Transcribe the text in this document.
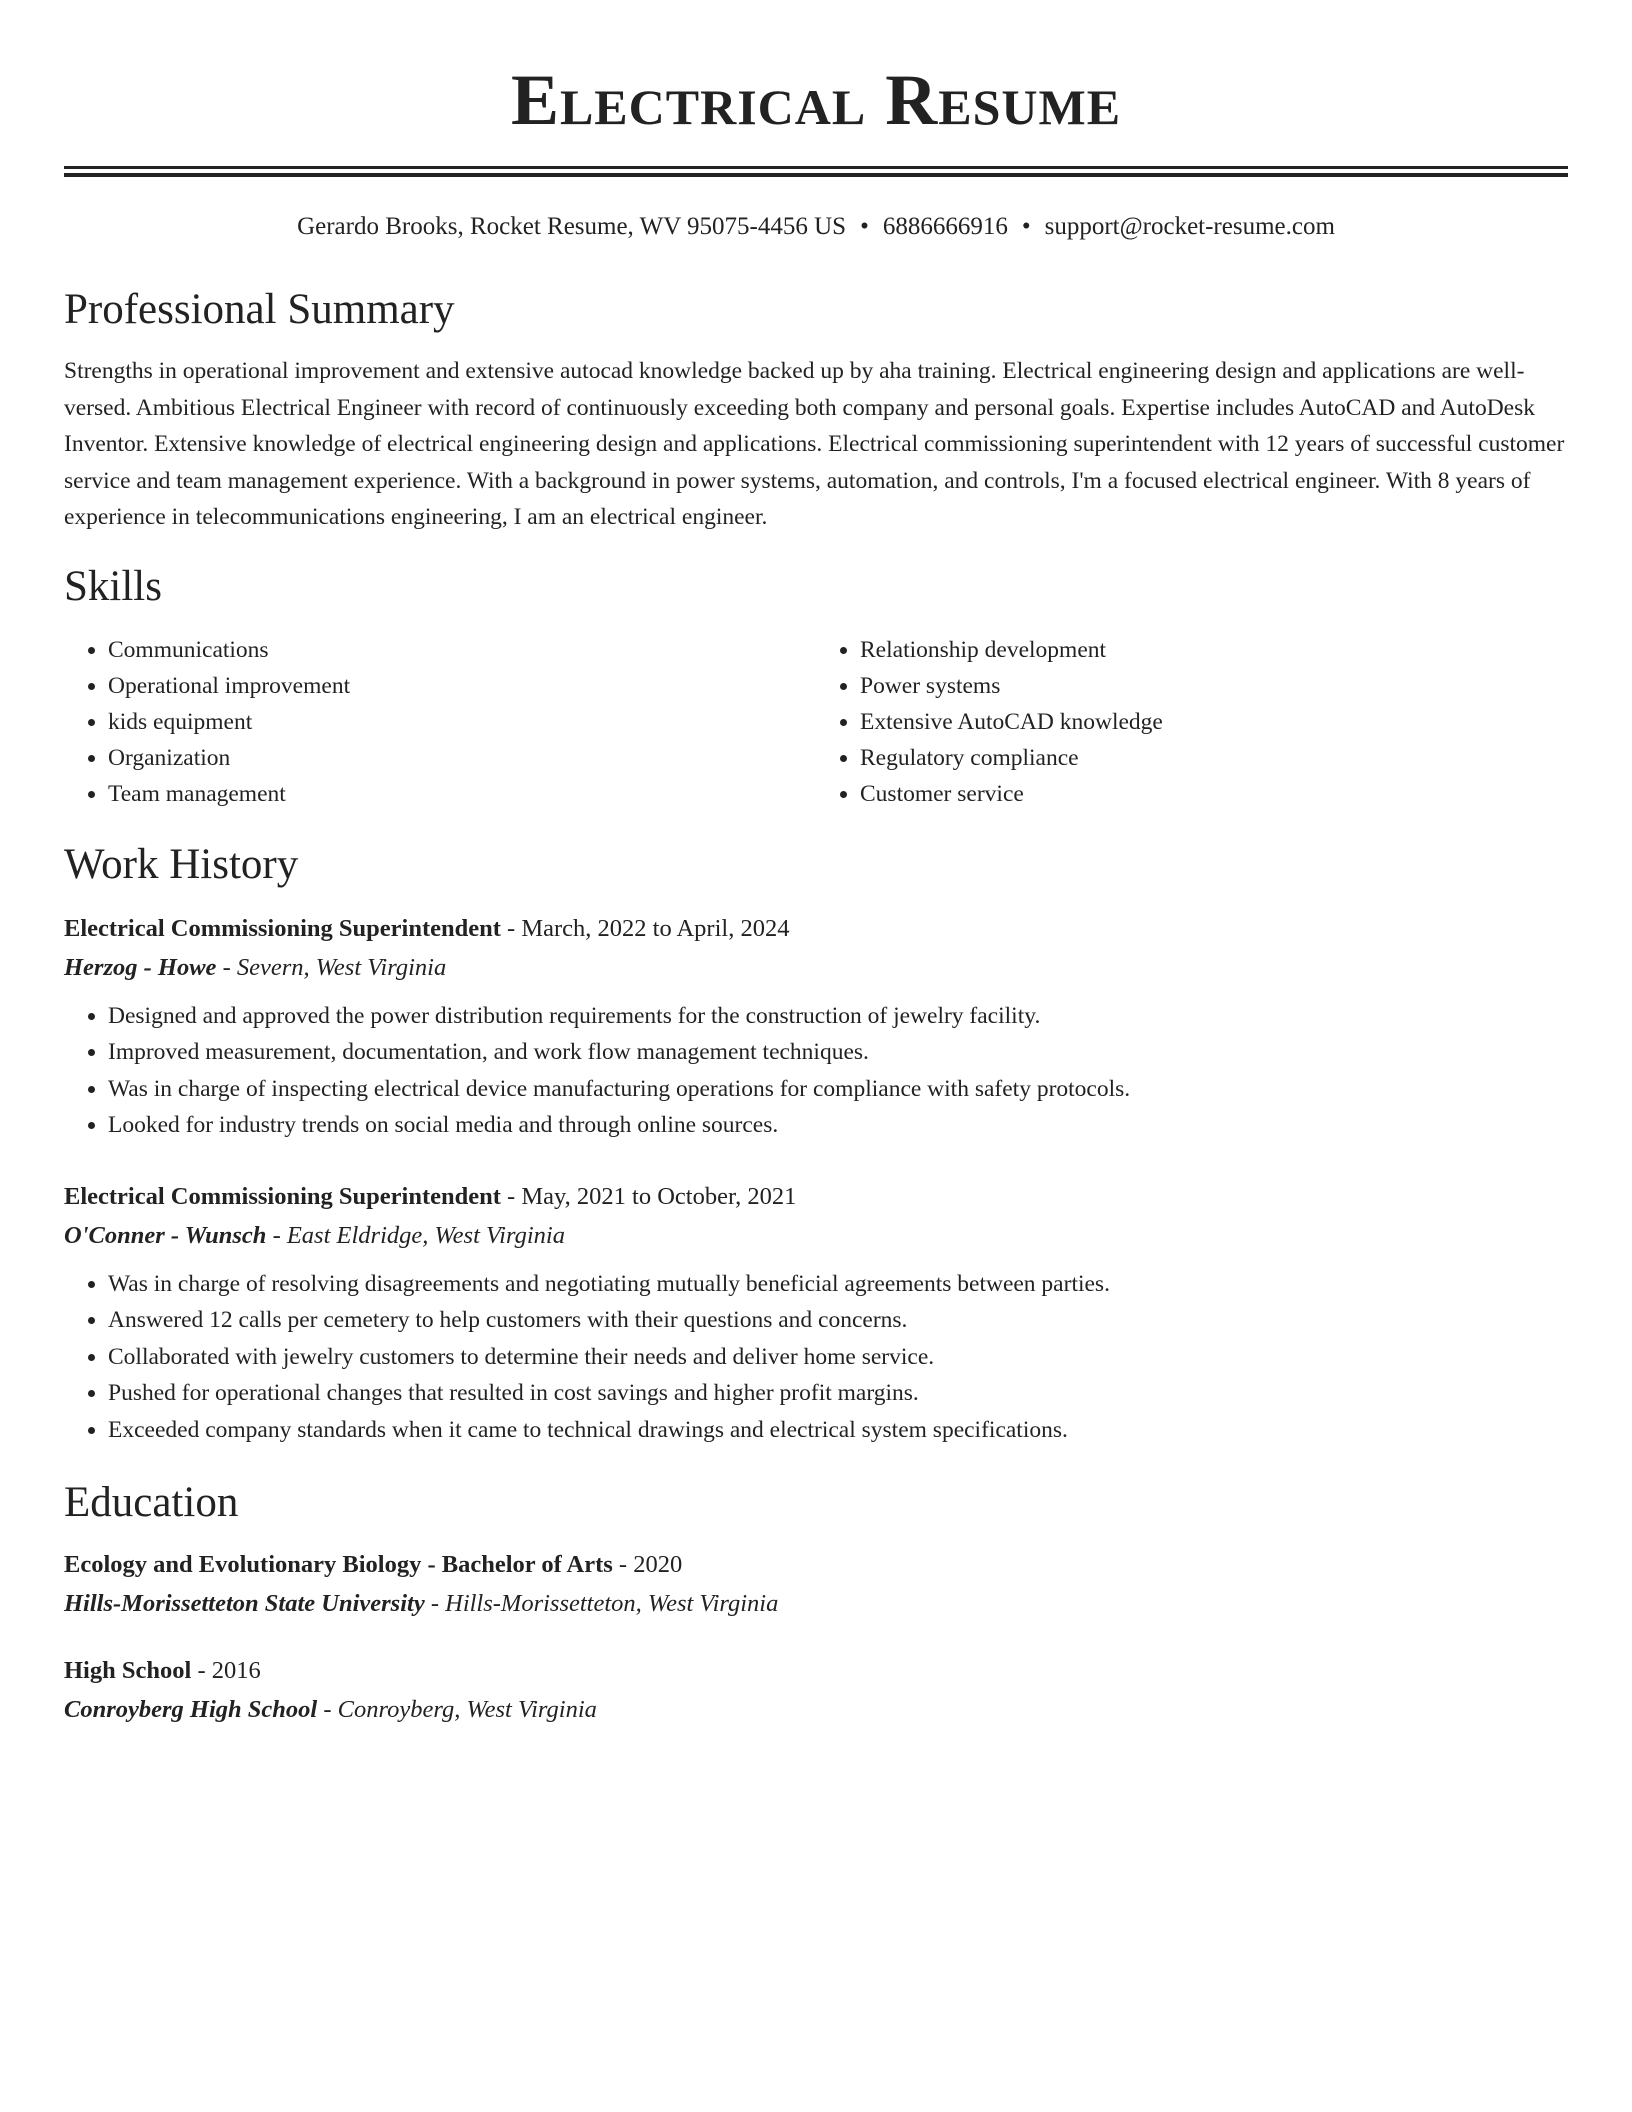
Electrical Resume
Gerardo Brooks, Rocket Resume, WV 95075-4456 US • 6886666916 • support@rocket-resume.com
Professional Summary

Strengths in operational improvement and extensive autocad knowledge backed up by aha training. Electrical engineering design and applications are well-versed. Ambitious Electrical Engineer with record of continuously exceeding both company and personal goals. Expertise includes AutoCAD and AutoDesk Inventor. Extensive knowledge of electrical engineering design and applications. Electrical commissioning superintendent with 12 years of successful customer service and team management experience. With a background in power systems, automation, and controls, I'm a focused electrical engineer. With 8 years of experience in telecommunications engineering, I am an electrical engineer.

Skills
• Communications
• Operational improvement
• kids equipment
• Organization
• Team management
• Relationship development
• Power systems
• Extensive AutoCAD knowledge
• Regulatory compliance
• Customer service
Work History
Electrical Commissioning Superintendent - March, 2022 to April, 2024
Herzog - Howe - Severn, West Virginia
• Designed and approved the power distribution requirements for the construction of jewelry facility.
• Improved measurement, documentation, and work flow management techniques.
• Was in charge of inspecting electrical device manufacturing operations for compliance with safety protocols.
• Looked for industry trends on social media and through online sources.
Electrical Commissioning Superintendent - May, 2021 to October, 2021
O'Conner - Wunsch - East Eldridge, West Virginia
• Was in charge of resolving disagreements and negotiating mutually beneficial agreements between parties.
• Answered 12 calls per cemetery to help customers with their questions and concerns.
• Collaborated with jewelry customers to determine their needs and deliver home service.
• Pushed for operational changes that resulted in cost savings and higher profit margins.
• Exceeded company standards when it came to technical drawings and electrical system specifications.
Education
Ecology and Evolutionary Biology - Bachelor of Arts - 2020
Hills-Morissetteton State University - Hills-Morissetteton, West Virginia
High School - 2016
Conroyberg High School - Conroyberg, West Virginia
